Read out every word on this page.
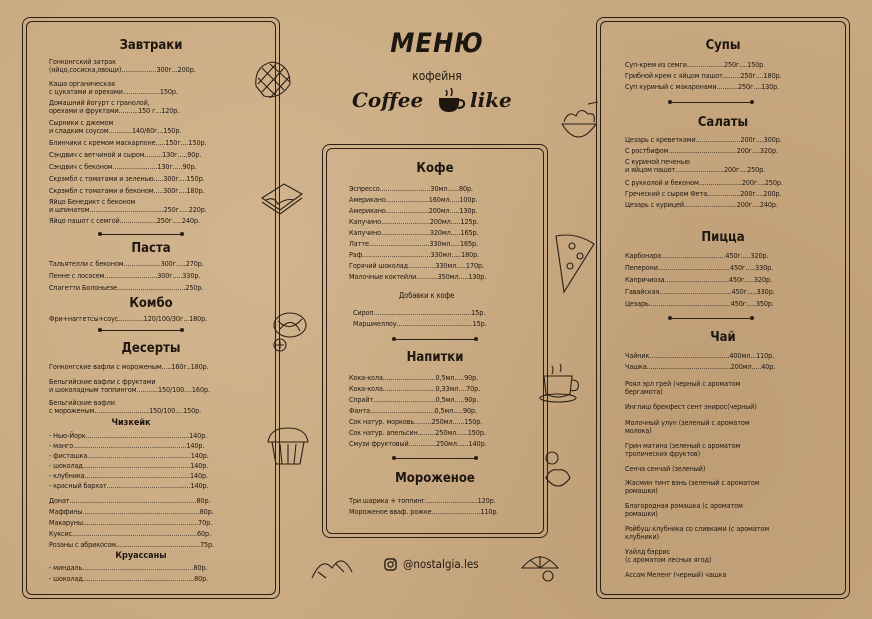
Завтраки
Гонконгский затрак
(яйцо,сосиска,овощи)..................300г...200р.
Каша органическая
с цукатами и орехами...................150р.
Домашний йогурт с гранолой,
орехами и фруктами..........150 г...120р.
Сырники с джемом
и сладким соусом............140/60г...150р.
Блинчики с кремом маскарпоне.....150г....150р.
Сэндвич с ветчиной и сыром.........130г.....90р.
Сэндвич с беконом.......................130г.....90р.
Скрэмбл с томатами и зеленью.....300г....150р.
Скрэмбл с томатами и беконом.....300г....180р.
Яйцо Бенедикт с беконом
и шпинатом......................................250г.....220р.
Яйцо пашот с семгой...................250г.....240р.
Паста
Тальятелли с беконом...................300г.....270р.
Пенне с лососем...........................300г.....330р.
Спагетти Болоньезе...................................250р.
Комбо
Фри+наггетсы+соус.............120/100/30г...180р.
Десерты
Гонконгские вафли с мороженым.....160г..180р.
Бельгийские вафли с фруктами
и шоколадным топпингом...........150/100....160р.
Бельгийские вафли
с мороженым............................150/100....150р.
Чизкейк
- Нью-Йорк.....................................................140р.
- манго..........................................................140р.
- фисташка.....................................................140р.
- шоколад.......................................................140р.
- клубника......................................................140р.
- красный бархат...........................................140р.
Донат.................................................................80р.
Маффины............................................................80р.
Макаруны...........................................................70р.
Куксис................................................................60р.
Розаны с абрикосом...........................................75р.
Круассаны
- миндаль.........................................................80р.
- шоколад.........................................................80р.
МЕНЮ
кофейня
Coffee like
Кофе
Эспрессо..........................30мл......80р.
Американо......................160мл.....100р.
Американо......................200мл.....130р.
Капучино.........................200мл.....125р.
Капучино.........................320мл.....165р.
Латте...............................330мл.....165р.
Раф...................................330мл.....180р.
Горячий шоколад..............330мл.....170р.
Молочные коктейли...........350мл.....130р.
Добавки к кофе
Сироп..................................................15р.
Маршмеллоу.......................................15р.
Напитки
Кока-кола...........................0,5мл.....90р.
Кока-кола...........................0,33мл....70р.
Спрайт................................0,5мл.....90р.
Фанта.................................0,5мл.....90р.
Сок натур. морковь.........250мл......150р.
Сок натур. апельсин.........250мл......150р.
Смузи фруктовый..............250мл......140р.
Мороженое
Три шарика + топпинг...........................120р.
Мороженое вваф. рожке.........................110р.
@nostalgia.les
Супы
Суп-крем из семги...................250г....150р.
Грибной крем с яйцом пашот.........250г....180р.
Суп куриный с макаронами...........250г....130р.
Салаты
Цезарь с креветками.......................200г....300р.
С ростбифом...................................200г....320р.
С куриной печенью
и яйцом пашот.........................200г....250р.
С рукколой и беконом......................200г....250р.
Греческий с сыром Фета.................200г....200р.
Цезарь с курицей...........................200г....240р.
Пицца
Карбонара.................................450г.....320р.
Пеперони.....................................450г.....330р.
Капричиоза.................................450г.....320р.
Гавайская.....................................450г.....330р.
Цезарь..........................................450г.....350р.
Чай
Чайник.........................................400мл...110р.
Чашка...........................................200мл.....40р.
Роял эрл грей (черный с ароматом
бергамота)
Инглиш брекфест сент энирос(черный)
Молочный улун (зеленый с ароматом
молока)
Грин матина (зеленый с ароматом
тропических фруктов)
Сенча сенчай (зеленый)
Жасмин тинт вэнь (зеленый с ароматом
ромашки)
Благородная ромашка (с ароматом
ромашки)
Ройбуш клубника со сливками (с ароматом
клубники)
Уайлд бэррис
(с ароматом лесных ягод)
Ассам Меленг (черный) чашка
